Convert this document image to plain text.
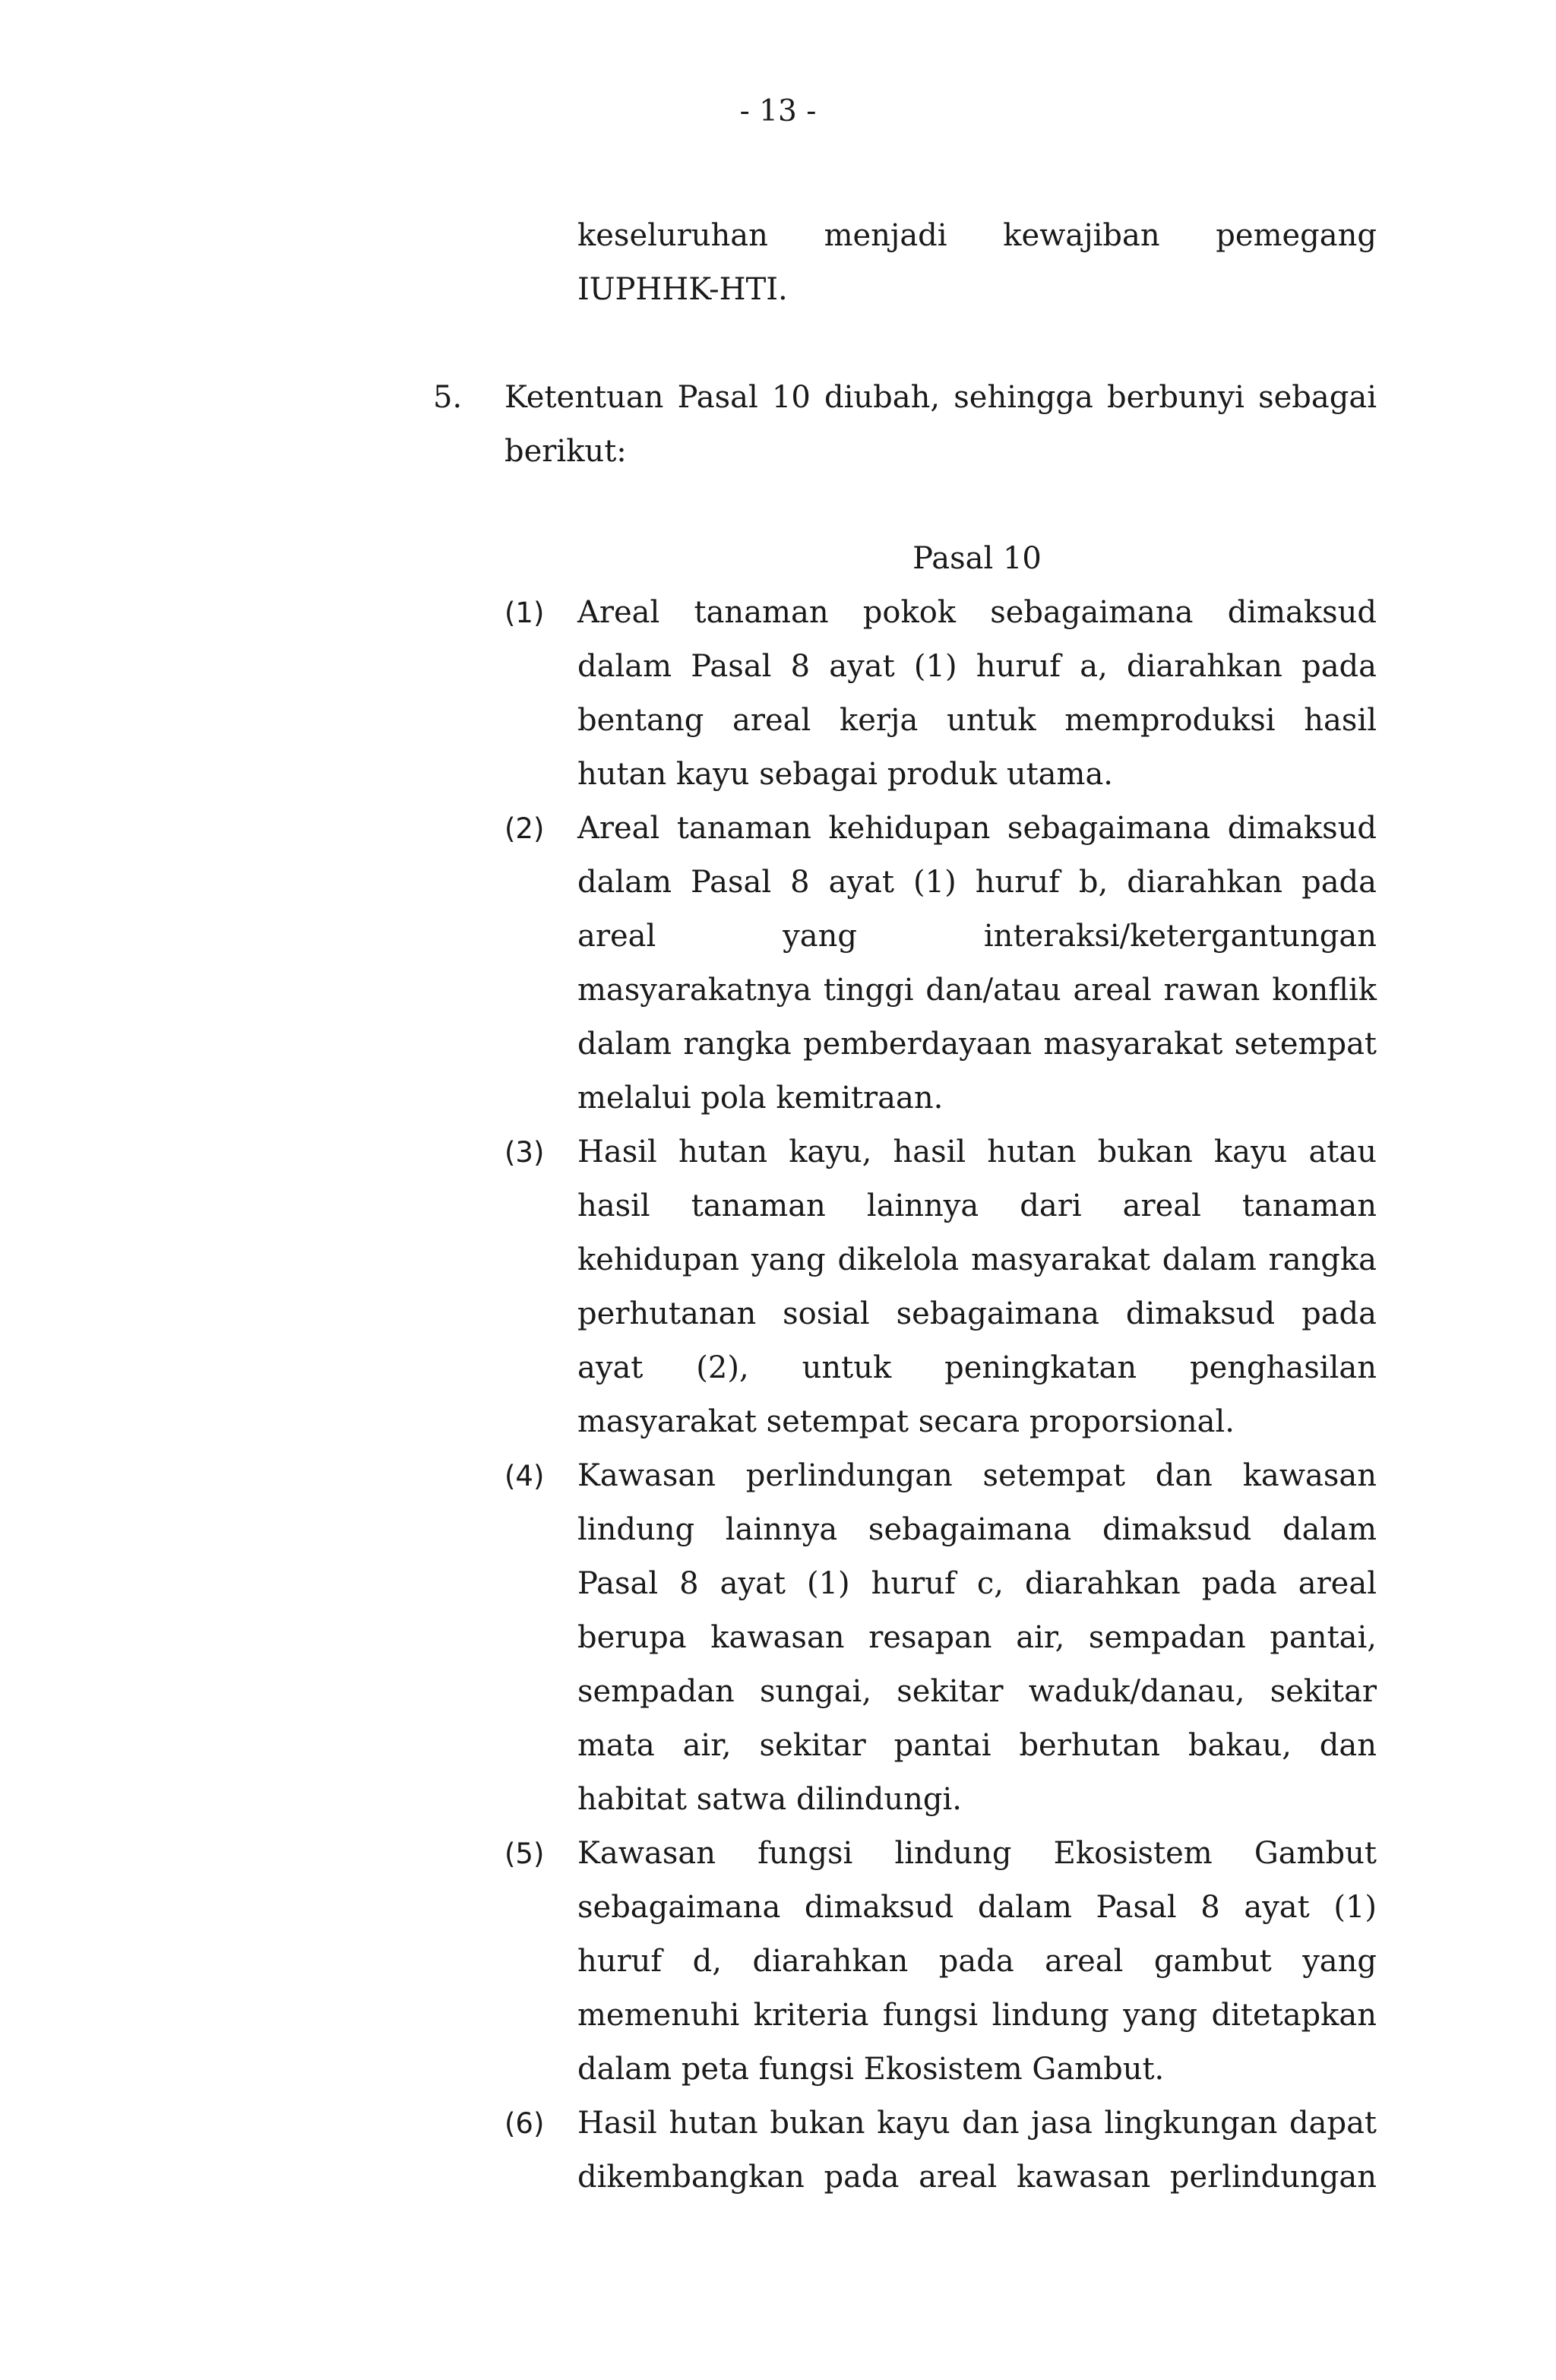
- 13 -
keseluruhan menjadi kewajiban pemegang IUPHHK-HTI.
5. Ketentuan Pasal 10 diubah, sehingga berbunyi sebagai berikut:
Pasal 10
(1)	Areal tanaman pokok sebagaimana dimaksud dalam Pasal 8 ayat (1) huruf a, diarahkan pada bentang areal kerja untuk memproduksi hasil hutan kayu sebagai produk utama.
(2)	Areal tanaman kehidupan sebagaimana dimaksud dalam Pasal 8 ayat (1) huruf b, diarahkan pada areal yang interaksi/ketergantungan masyarakatnya tinggi dan/atau areal rawan konflik dalam rangka pemberdayaan masyarakat setempat melalui pola kemitraan.
(3)	Hasil hutan kayu, hasil hutan bukan kayu atau hasil tanaman lainnya dari areal tanaman kehidupan yang dikelola masyarakat dalam rangka perhutanan sosial sebagaimana dimaksud pada ayat (2), untuk peningkatan penghasilan masyarakat setempat secara proporsional.
(4)	Kawasan perlindungan setempat dan kawasan lindung lainnya sebagaimana dimaksud dalam Pasal 8 ayat (1) huruf c, diarahkan pada areal berupa kawasan resapan air, sempadan pantai, sempadan sungai, sekitar waduk/danau, sekitar mata air, sekitar pantai berhutan bakau, dan habitat satwa dilindungi.
(5)	Kawasan fungsi lindung Ekosistem Gambut sebagaimana dimaksud dalam Pasal 8 ayat (1) huruf d, diarahkan pada areal gambut yang memenuhi kriteria fungsi lindung yang ditetapkan dalam peta fungsi Ekosistem Gambut.
(6)	Hasil hutan bukan kayu dan jasa lingkungan dapat dikembangkan pada areal kawasan perlindungan
